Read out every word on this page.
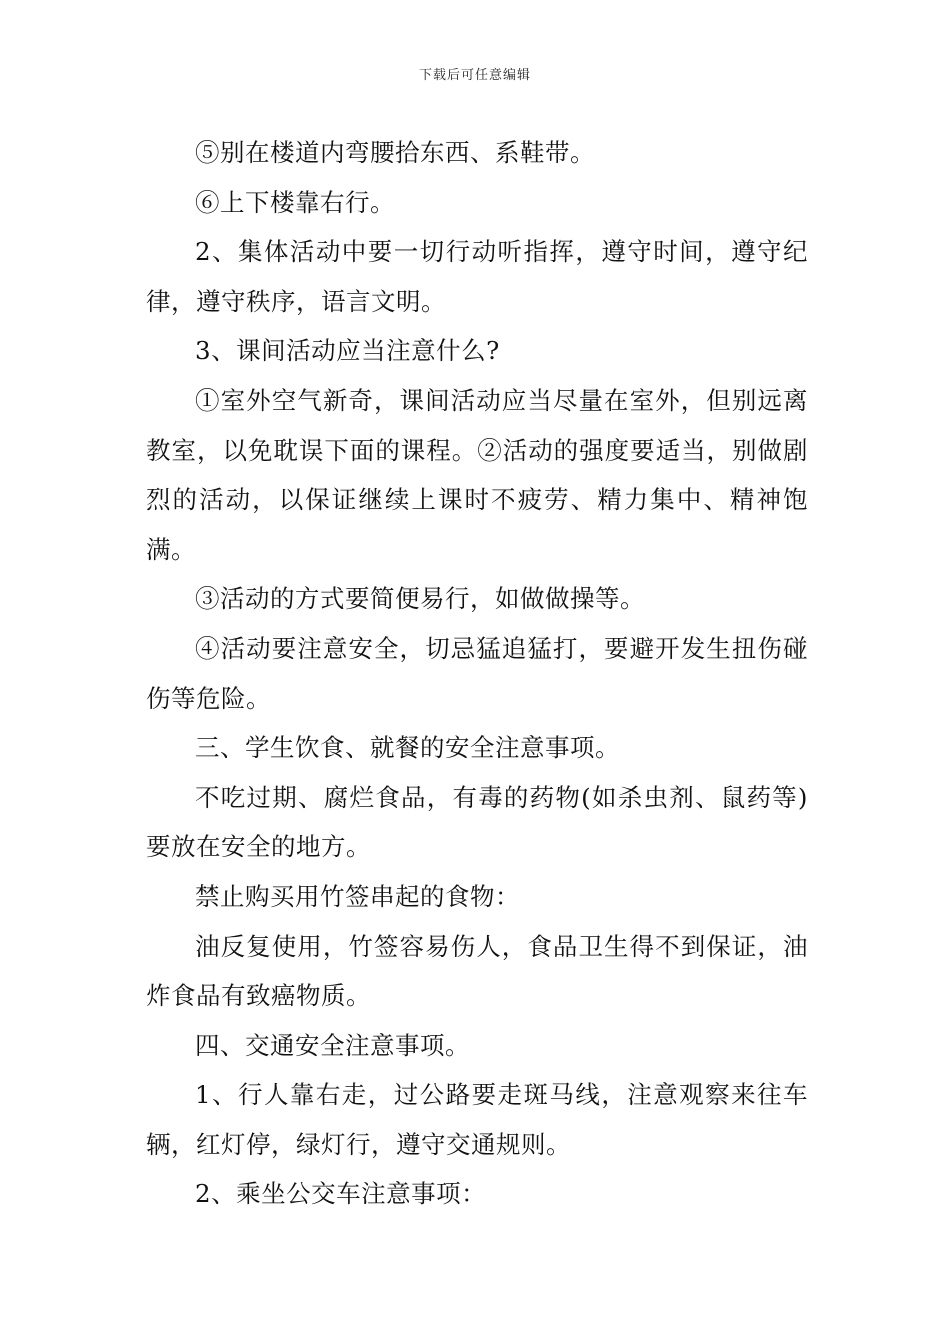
下载后可任意编辑

⑤别在楼道内弯腰拾东西、系鞋带。

⑥上下楼靠右行。

2、集体活动中要一切行动听指挥，遵守时间，遵守纪律，遵守秩序，语言文明。

3、课间活动应当注意什么?

①室外空气新奇，课间活动应当尽量在室外，但别远离教室，以免耽误下面的课程。②活动的强度要适当，别做剧烈的活动，以保证继续上课时不疲劳、精力集中、精神饱满。

③活动的方式要简便易行，如做做操等。

④活动要注意安全，切忌猛追猛打，要避开发生扭伤碰伤等危险。

三、学生饮食、就餐的安全注意事项。

不吃过期、腐烂食品，有毒的药物(如杀虫剂、鼠药等)要放在安全的地方。

禁止购买用竹签串起的食物：

油反复使用，竹签容易伤人，食品卫生得不到保证，油炸食品有致癌物质。

四、交通安全注意事项。

1、行人靠右走，过公路要走斑马线，注意观察来往车辆，红灯停，绿灯行，遵守交通规则。

2、乘坐公交车注意事项：
